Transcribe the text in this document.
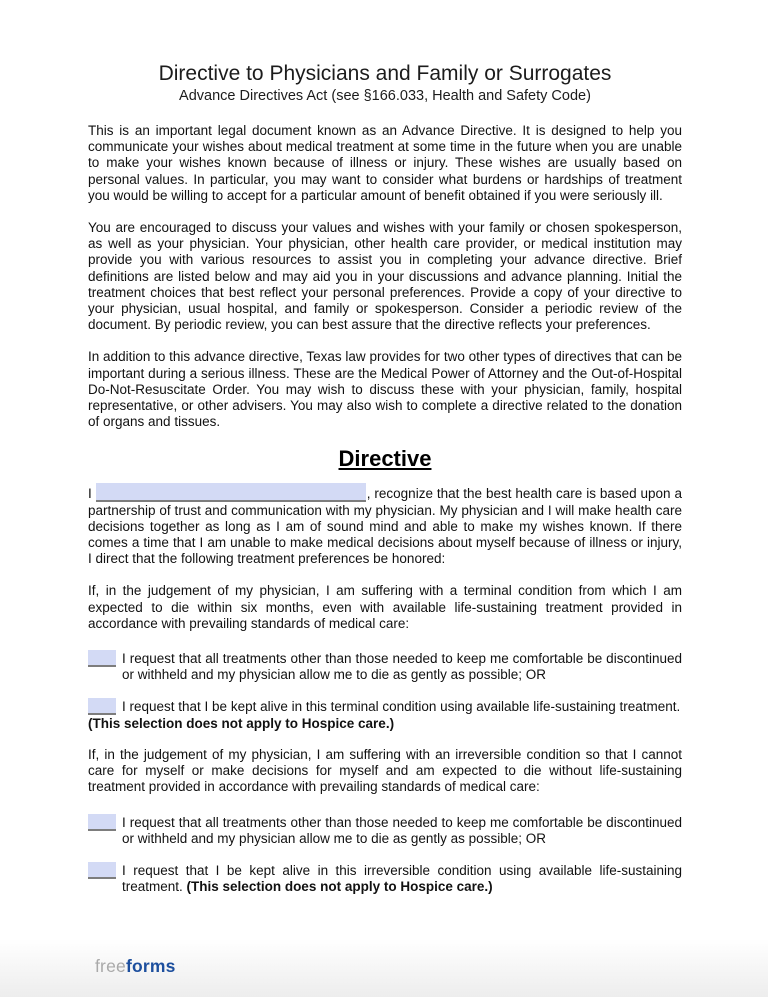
Directive to Physicians and Family or Surrogates
Advance Directives Act (see §166.033, Health and Safety Code)

This is an important legal document known as an Advance Directive. It is designed to help you communicate your wishes about medical treatment at some time in the future when you are unable to make your wishes known because of illness or injury. These wishes are usually based on personal values. In particular, you may want to consider what burdens or hardships of treatment you would be willing to accept for a particular amount of benefit obtained if you were seriously ill.

You are encouraged to discuss your values and wishes with your family or chosen spokesperson, as well as your physician. Your physician, other health care provider, or medical institution may provide you with various resources to assist you in completing your advance directive. Brief definitions are listed below and may aid you in your discussions and advance planning. Initial the treatment choices that best reflect your personal preferences. Provide a copy of your directive to your physician, usual hospital, and family or spokesperson. Consider a periodic review of the document. By periodic review, you can best assure that the directive reflects your preferences.

In addition to this advance directive, Texas law provides for two other types of directives that can be important during a serious illness. These are the Medical Power of Attorney and the Out-of-Hospital Do-Not-Resuscitate Order. You may wish to discuss these with your physician, family, hospital representative, or other advisers. You may also wish to complete a directive related to the donation of organs and tissues.

Directive

I	, recognize that the best health care is based upon a partnership of trust and communication with my physician. My physician and I will make health care decisions together as long as I am of sound mind and able to make my wishes known. If there comes a time that I am unable to make medical decisions about myself because of illness or injury, I direct that the following treatment preferences be honored:

If, in the judgement of my physician, I am suffering with a terminal condition from which I am expected to die within six months, even with available life-sustaining treatment provided in accordance with prevailing standards of medical care:

I request that all treatments other than those needed to keep me comfortable be discontinued or withheld and my physician allow me to die as gently as possible; OR
I request that I be kept alive in this terminal condition using available life-sustaining treatment.
(This selection does not apply to Hospice care.)

If, in the judgement of my physician, I am suffering with an irreversible condition so that I cannot care for myself or make decisions for myself and am expected to die without life-sustaining treatment provided in accordance with prevailing standards of medical care:

I request that all treatments other than those needed to keep me comfortable be discontinued or withheld and my physician allow me to die as gently as possible; OR
I request that I be kept alive in this irreversible condition using available life-sustaining treatment. (This selection does not apply to Hospice care.)
freeforms
